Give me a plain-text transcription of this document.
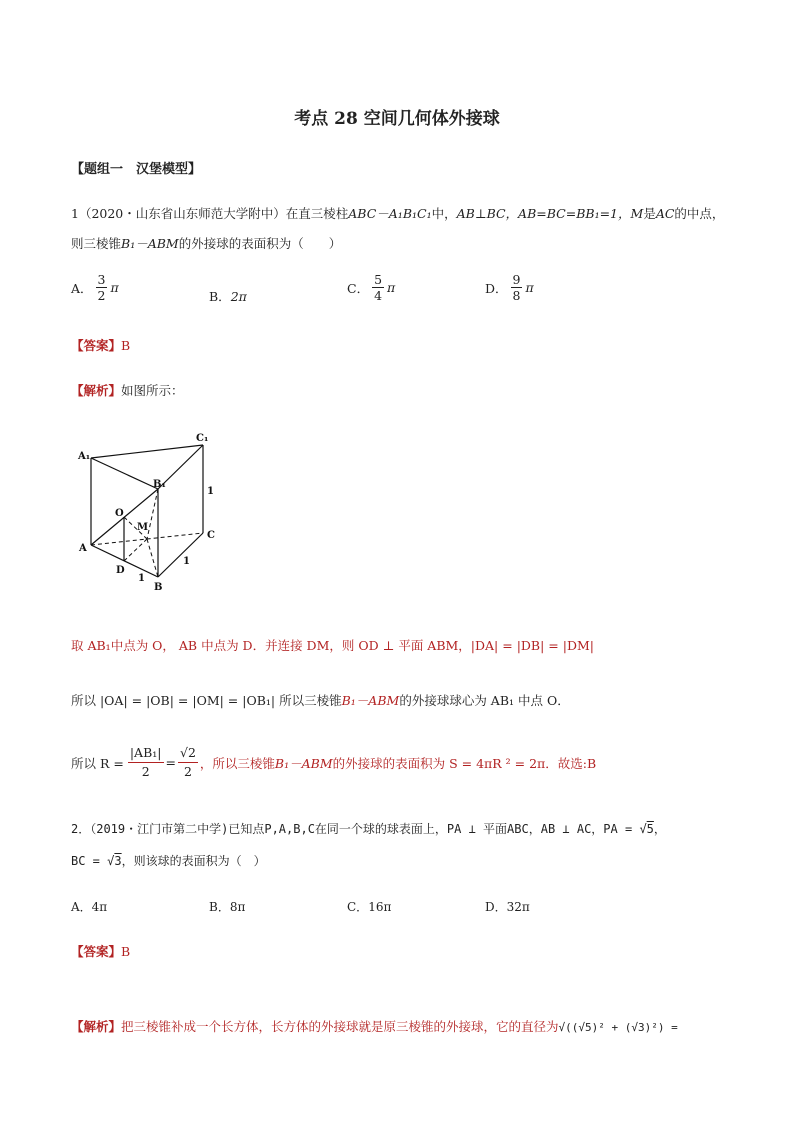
考点 28 空间几何体外接球
【题组一　汉堡模型】
1（2020・山东省山东师范大学附中）在直三棱柱ABC－A₁B₁C₁中，AB⊥BC，AB=BC=BB₁=1，M是AC的中点，
则三棱锥B₁－ABM的外接球的表面积为（　　）
A． $\frac{3}{2}$ π
B． 2π
C． $\frac{5}{4}$ π	D． $\frac{9}{8}$ π
【答案】B
【解析】如图所示：
A₁
C₁
B₁
O
M
A
C
D
B
1
1
1
取 AB₁中点为 O， AB 中点为 D．并连接 DM，则 OD ⊥ 平面 ABM，|DA| = |DB| = |DM|
所以 |OA| = |OB| = |OM| = |OB₁| 所以三棱锥B₁－ABM的外接球球心为 AB₁ 中点 O．
所以 $R = \frac{\text{|AB₁|}}{2} = \frac{√2}{2}$ ，所以三棱锥 B₁－ABM 的外接球的表面积为 S = 4πR ² = 2π．故选:B
2．（2019・江门市第二中学)已知点P,A,B,C在同一个球的球表面上，PA ⊥ 平面ABC，AB ⊥ AC，PA = √5，
BC = √3，则该球的表面积为（　）
A．4π	B．8π	C．16π	D．32π
【答案】B
【解析】把三棱锥补成一个长方体，长方体的外接球就是原三棱锥的外接球，它的直径为√((√5)² + (√3)²) =
